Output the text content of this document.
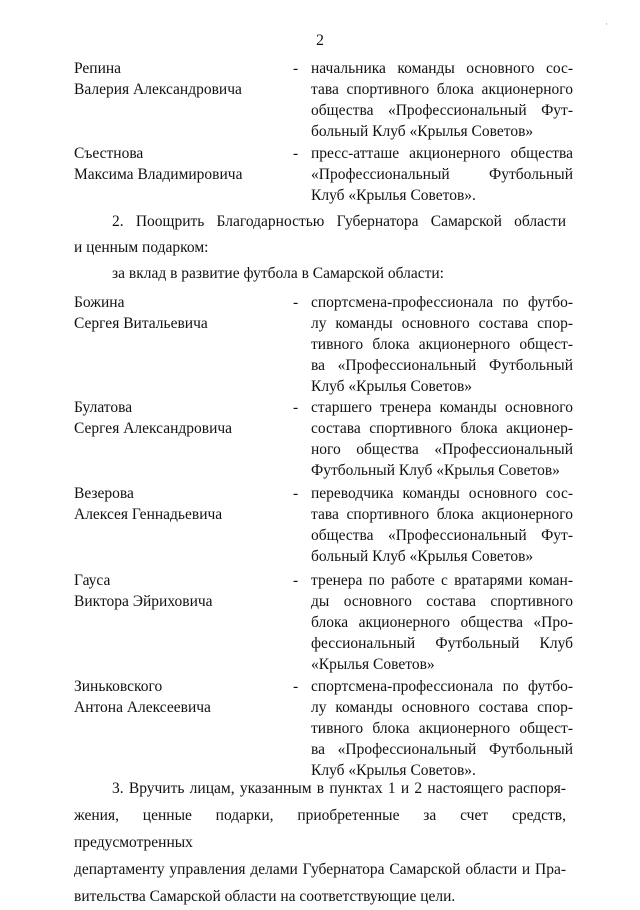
·
2
Репина
Валерия Александровича
- начальника команды основного сос-
тава спортивного блока акционерного
общества «Профессиональный Фут-
больный Клуб «Крылья Советов»
Съестнова
Максима Владимировича
- пресс-атташе акционерного общества
«Профессиональный Футбольный
Клуб «Крылья Советов».
2. Поощрить Благодарностью Губернатора Самарской области
и ценным подарком:
за вклад в развитие футбола в Самарской области:
Божина
Сергея Витальевича
- спортсмена-профессионала по футбо-
лу команды основного состава спор-
тивного блока акционерного общест-
ва «Профессиональный Футбольный
Клуб «Крылья Советов»
Булатова
Сергея Александровича
- старшего тренера команды основного
состава спортивного блока акционер-
ного общества «Профессиональный
Футбольный Клуб «Крылья Советов»
Везерова
Алексея Геннадьевича
- переводчика команды основного сос-
тава спортивного блока акционерного
общества «Профессиональный Фут-
больный Клуб «Крылья Советов»
Гауса
Виктора Эйриховича
- тренера по работе с вратарями коман-
ды основного состава спортивного
блока акционерного общества «Про-
фессиональный Футбольный Клуб
«Крылья Советов»
Зиньковского
Антона Алексеевича
- спортсмена-профессионала по футбо-
лу команды основного состава спор-
тивного блока акционерного общест-
ва «Профессиональный Футбольный
Клуб «Крылья Советов».
3. Вручить лицам, указанным в пунктах 1 и 2 настоящего распоря-
жения, ценные подарки, приобретенные за счет средств, предусмотренных
департаменту управления делами Губернатора Самарской области и Пра-
вительства Самарской области на соответствующие цели.
